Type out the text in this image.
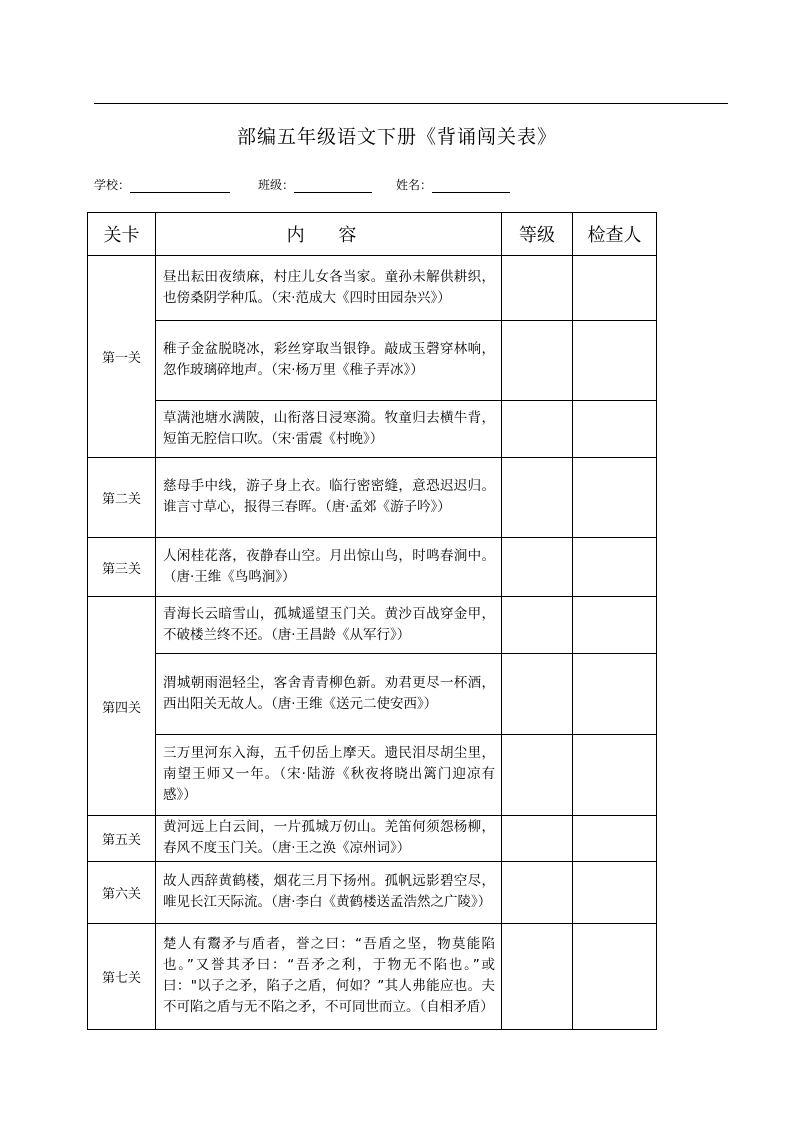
部编五年级语文下册《背诵闯关表》
学校：	班级：	姓名：
关卡	内 容	等级	检查人
第一关	昼出耘田夜绩麻，村庄儿女各当家。童孙未解供耕织，也傍桑阴学种瓜。（宋·范成大《四时田园杂兴》）		
	稚子金盆脱晓冰，彩丝穿取当银铮。敲成玉磬穿林响，忽作玻璃碎地声。（宋·杨万里《稚子弄冰》）		
	草满池塘水满陂，山衔落日浸寒漪。牧童归去横牛背，短笛无腔信口吹。（宋·雷震《村晚》）		
第二关	慈母手中线，游子身上衣。临行密密缝，意恐迟迟归。谁言寸草心，报得三春晖。（唐·孟郊《游子吟》）		
第三关	人闲桂花落，夜静春山空。月出惊山鸟，时鸣春涧中。（唐·王维《鸟鸣涧》）		
第四关	青海长云暗雪山，孤城遥望玉门关。黄沙百战穿金甲，不破楼兰终不还。（唐·王昌龄《从军行》）		
	渭城朝雨浥轻尘，客舍青青柳色新。劝君更尽一杯酒，西出阳关无故人。（唐·王维《送元二使安西》）		
	三万里河东入海，五千仞岳上摩天。遗民泪尽胡尘里，南望王师又一年。（宋·陆游《秋夜将晓出篱门迎凉有感》）		
第五关	黄河远上白云间，一片孤城万仞山。羌笛何须怨杨柳，春风不度玉门关。（唐·王之涣《凉州词》）		
第六关	故人西辞黄鹤楼，烟花三月下扬州。孤帆远影碧空尽，唯见长江天际流。（唐·李白《黄鹤楼送孟浩然之广陵》）		
第七关	楚人有鬻矛与盾者，誉之曰：“吾盾之坚，物莫能陷也。”又誉其矛曰：“吾矛之利，于物无不陷也。”或曰："以子之矛，陷子之盾，何如？”其人弗能应也。夫不可陷之盾与无不陷之矛，不可同世而立。（自相矛盾）		
